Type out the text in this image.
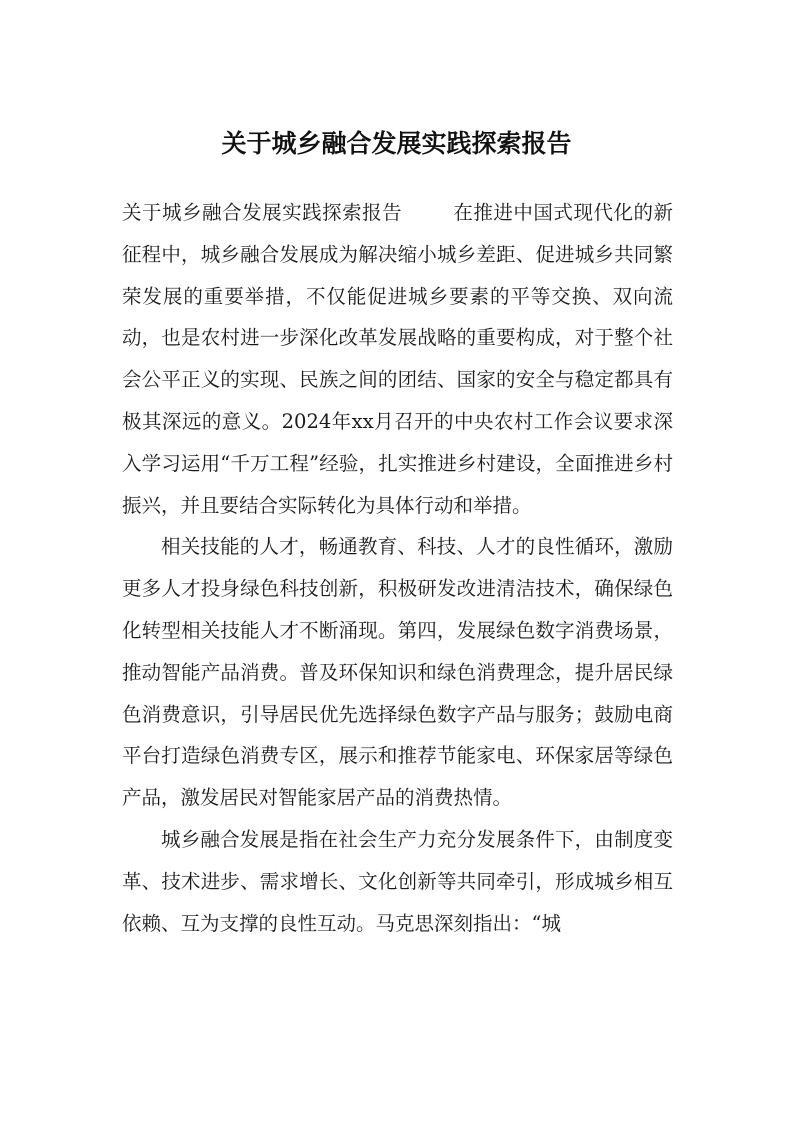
关于城乡融合发展实践探索报告

关于城乡融合发展实践探索报告	在推进中国式现代化的新征程中，城乡融合发展成为解决缩小城乡差距、促进城乡共同繁荣发展的重要举措，不仅能促进城乡要素的平等交换、双向流动，也是农村进一步深化改革发展战略的重要构成，对于整个社会公平正义的实现、民族之间的团结、国家的安全与稳定都具有极其深远的意义。2024年xx月召开的中央农村工作会议要求深入学习运用“千万工程”经验，扎实推进乡村建设，全面推进乡村振兴，并且要结合实际转化为具体行动和举措。

相关技能的人才，畅通教育、科技、人才的良性循环，激励更多人才投身绿色科技创新，积极研发改进清洁技术，确保绿色化转型相关技能人才不断涌现。第四，发展绿色数字消费场景，推动智能产品消费。普及环保知识和绿色消费理念，提升居民绿色消费意识，引导居民优先选择绿色数字产品与服务；鼓励电商平台打造绿色消费专区，展示和推荐节能家电、环保家居等绿色产品，激发居民对智能家居产品的消费热情。

城乡融合发展是指在社会生产力充分发展条件下，由制度变革、技术进步、需求增长、文化创新等共同牵引，形成城乡相互依赖、互为支撑的良性互动。马克思深刻指出：“城
